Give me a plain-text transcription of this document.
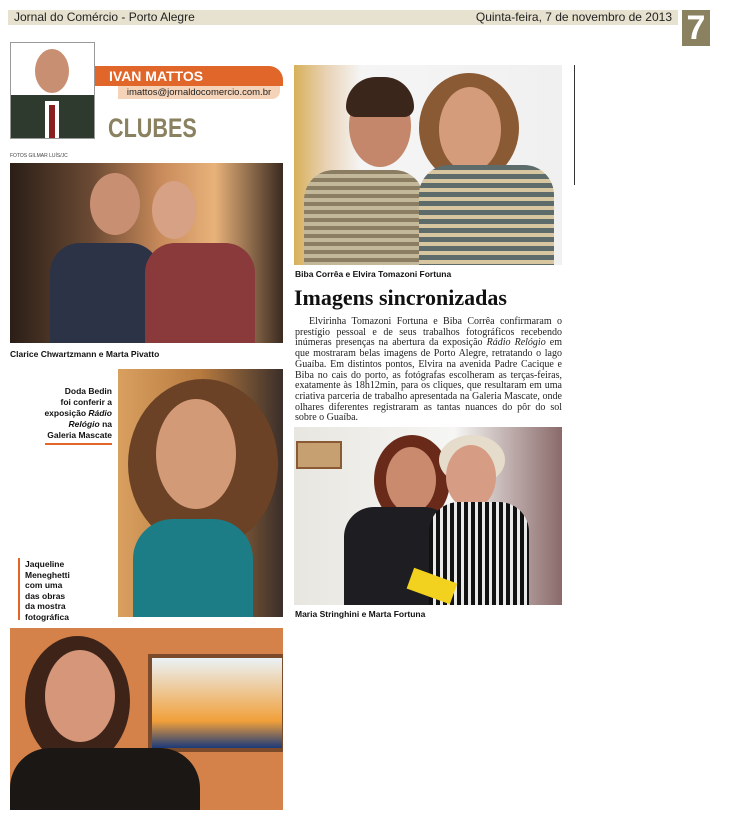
Jornal do Comércio - Porto Alegre	Quinta-feira, 7 de novembro de 2013 7
IVAN MATTOS
imattos@jornaldocomercio.com.br
CLUBES
FOTOS GILMAR LUÍS/JC
Clarice Chwartzmann e Marta Pivatto
Doda Bedin
foi conferir a
exposição Rádio
Relógio na
Galeria Mascate
Jaqueline
Meneghetti
com uma
das obras
da mostra
fotográfica
Biba Corrêa e Elvira Tomazoni Fortuna
Imagens sincronizadas

Elvirinha Tomazoni Fortuna e Biba Corrêa confirmaram o prestígio pessoal e de seus trabalhos fotográficos recebendo inúmeras presenças na abertura da exposição Rádio Relógio em que mostraram belas imagens de Porto Alegre, retratando o lago Guaíba. Em distintos pontos, Elvira na avenida Padre Cacique e Biba no cais do porto, as fotógrafas escolheram as terças-feiras, exatamente às 18h12min, para os cliques, que resultaram em uma criativa parceria de trabalho apresentada na Galeria Mascate, onde olhares diferentes registraram as tantas nuances do pôr do sol sobre o Guaíba.

Maria Stringhini e Marta Fortuna
